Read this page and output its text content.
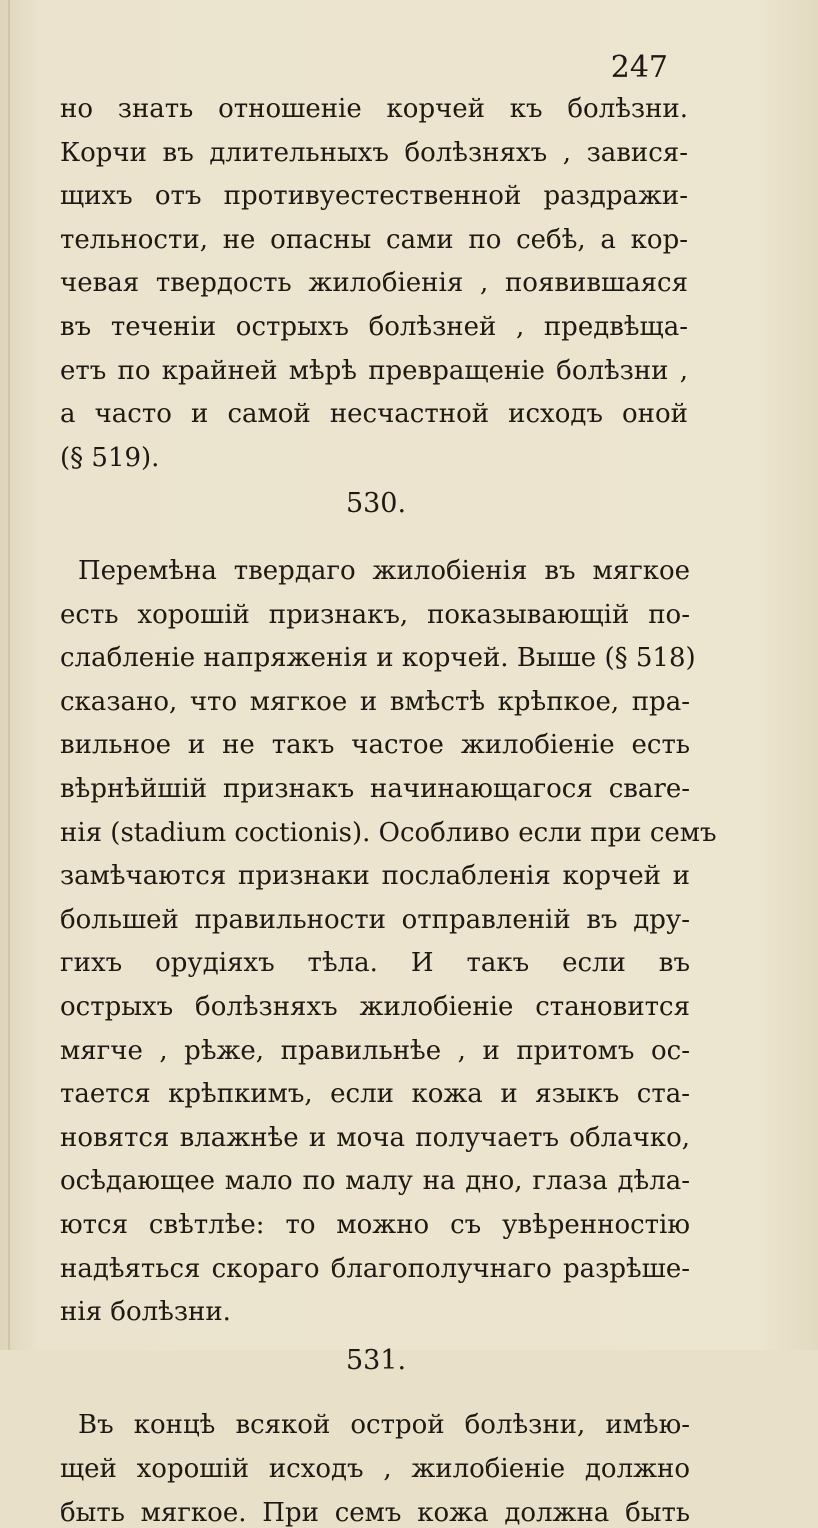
247
но знать отношеніе корчей къ болѣзни.
Корчи въ длительныхъ болѣзняхъ , завися-
щихъ отъ противуестественной раздражи-
тельности, не опасны сами по себѣ, а кор-
чевая твердость жилобіенія , появившаяся
въ теченіи острыхъ болѣзней , предвѣща-
етъ по крайней мѣрѣ превращеніе болѣзни ,
а часто и самой несчастной исходъ оной
(§ 519).
530.
Перемѣна твердаго жилобіенія въ мягкое
есть хорошій признакъ, показывающій по-
слабленіе напряженія и корчей. Выше (§ 518)
сказано, что мягкое и вмѣстѣ крѣпкое, пра-
вильное и не такъ частое жилобіеніе есть
вѣрнѣйшій признакъ начинающагося свare-
нія (stadium coctionis). Особливо если при семъ
замѣчаются признаки послабленія корчей и
большей правильности отправленій въ дру-
гихъ орудіяхъ тѣла. И такъ если въ
острыхъ болѣзняхъ жилобіеніе становится
мягче , рѣже, правильнѣе , и притомъ ос-
тается крѣпкимъ, если кожа и языкъ ста-
новятся влажнѣе и моча получаетъ облачко,
осѣдающее мало по малу на дно, глаза дѣла-
ются свѣтлѣе: то можно съ увѣренностію
надѣяться скораго благополучнаго разрѣше-
нія болѣзни.
531.
Въ концѣ всякой острой болѣзни, имѣю-
щей хорошій исходъ , жилобіеніе должно
быть мягкое. При семъ кожа должна быть
